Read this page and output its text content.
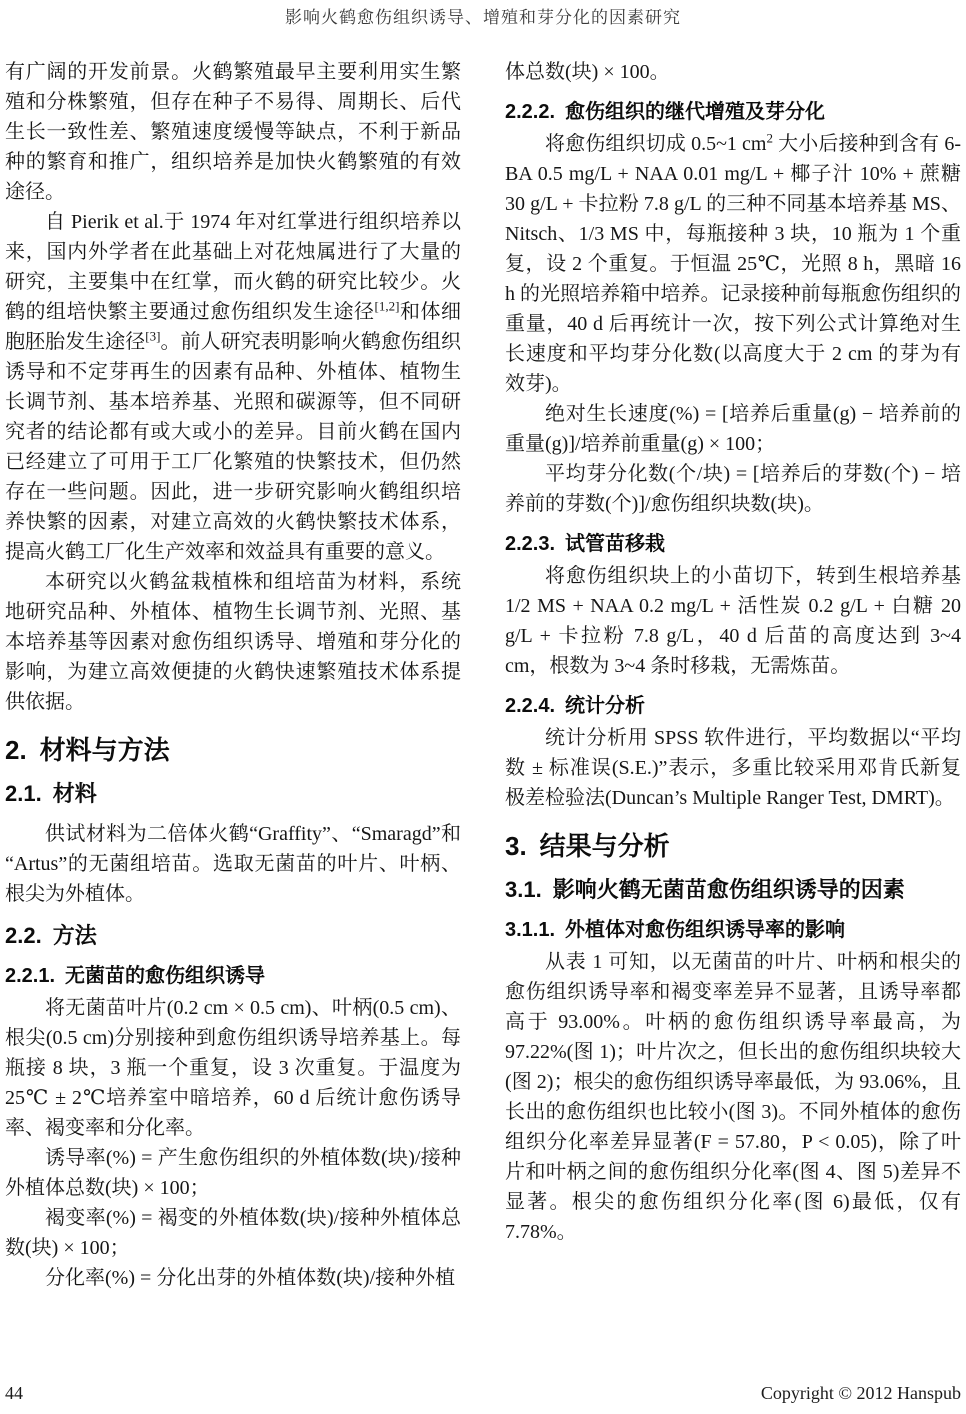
影响火鹤愈伤组织诱导、增殖和芽分化的因素研究

有广阔的开发前景。火鹤繁殖最早主要利用实生繁殖和分株繁殖，但存在种子不易得、周期长、后代生长一致性差、繁殖速度缓慢等缺点，不利于新品种的繁育和推广，组织培养是加快火鹤繁殖的有效途径。

自 Pierik et al.于 1974 年对红掌进行组织培养以来，国内外学者在此基础上对花烛属进行了大量的研究，主要集中在红掌，而火鹤的研究比较少。火鹤的组培快繁主要通过愈伤组织发生途径[1,2]和体细胞胚胎发生途径[3]。前人研究表明影响火鹤愈伤组织诱导和不定芽再生的因素有品种、外植体、植物生长调节剂、基本培养基、光照和碳源等，但不同研究者的结论都有或大或小的差异。目前火鹤在国内已经建立了可用于工厂化繁殖的快繁技术，但仍然存在一些问题。因此，进一步研究影响火鹤组织培养快繁的因素，对建立高效的火鹤快繁技术体系，提高火鹤工厂化生产效率和效益具有重要的意义。

本研究以火鹤盆栽植株和组培苗为材料，系统地研究品种、外植体、植物生长调节剂、光照、基本培养基等因素对愈伤组织诱导、增殖和芽分化的影响，为建立高效便捷的火鹤快速繁殖技术体系提供依据。

2. 材料与方法
2.1. 材料

供试材料为二倍体火鹤“Graffity”、“Smaragd”和“Artus”的无菌组培苗。选取无菌苗的叶片、叶柄、根尖为外植体。

2.2. 方法
2.2.1. 无菌苗的愈伤组织诱导

将无菌苗叶片(0.2 cm × 0.5 cm)、叶柄(0.5 cm)、根尖(0.5 cm)分别接种到愈伤组织诱导培养基上。每瓶接 8 块，3 瓶一个重复，设 3 次重复。于温度为 25℃ ± 2℃培养室中暗培养，60 d 后统计愈伤诱导率、褐变率和分化率。

诱导率(%) = 产生愈伤组织的外植体数(块)/接种外植体总数(块) × 100；

褐变率(%) = 褐变的外植体数(块)/接种外植体总数(块) × 100；

分化率(%) = 分化出芽的外植体数(块)/接种外植

体总数(块) × 100。

2.2.2. 愈伤组织的继代增殖及芽分化

将愈伤组织切成 0.5~1 $cm^2$ 大小后接种到含有 6-BA 0.5 mg/L + NAA 0.01 mg/L + 椰子汁 10% + 蔗糖 30 g/L + 卡拉粉 7.8 g/L 的三种不同基本培养基 MS、Nitsch、1/3 MS 中，每瓶接种 3 块，10 瓶为 1 个重复，设 2 个重复。于恒温 25℃，光照 8 h，黑暗 16 h 的光照培养箱中培养。记录接种前每瓶愈伤组织的重量，40 d 后再统计一次，按下列公式计算绝对生长速度和平均芽分化数(以高度大于 2 cm 的芽为有效芽)。

绝对生长速度(%) = [培养后重量(g) − 培养前的重量(g)]/培养前重量(g) × 100；

平均芽分化数(个/块) = [培养后的芽数(个) − 培养前的芽数(个)]/愈伤组织块数(块)。

2.2.3. 试管苗移栽

将愈伤组织块上的小苗切下，转到生根培养基 1/2 MS + NAA 0.2 mg/L + 活性炭 0.2 g/L + 白糖 20 g/L + 卡拉粉 7.8 g/L，40 d 后苗的高度达到 3~4 cm，根数为 3~4 条时移栽，无需炼苗。

2.2.4. 统计分析

统计分析用 SPSS 软件进行，平均数据以“平均数 ± 标准误(S.E.)”表示，多重比较采用邓肯氏新复极差检验法(Duncan’s Multiple Ranger Test, DMRT)。

3. 结果与分析
3.1. 影响火鹤无菌苗愈伤组织诱导的因素
3.1.1. 外植体对愈伤组织诱导率的影响

从表 1 可知，以无菌苗的叶片、叶柄和根尖的愈伤组织诱导率和褐变率差异不显著，且诱导率都高于 93.00%。叶柄的愈伤组织诱导率最高，为 97.22%(图 1)；叶片次之，但长出的愈伤组织块较大(图 2)；根尖的愈伤组织诱导率最低，为 93.06%，且长出的愈伤组织也比较小(图 3)。不同外植体的愈伤组织分化率差异显著(F = 57.80，P < 0.05)，除了叶片和叶柄之间的愈伤组织分化率(图 4、图 5)差异不显著。根尖的愈伤组织分化率(图 6)最低，仅有 7.78%。

44	Copyright © 2012 Hanspub
